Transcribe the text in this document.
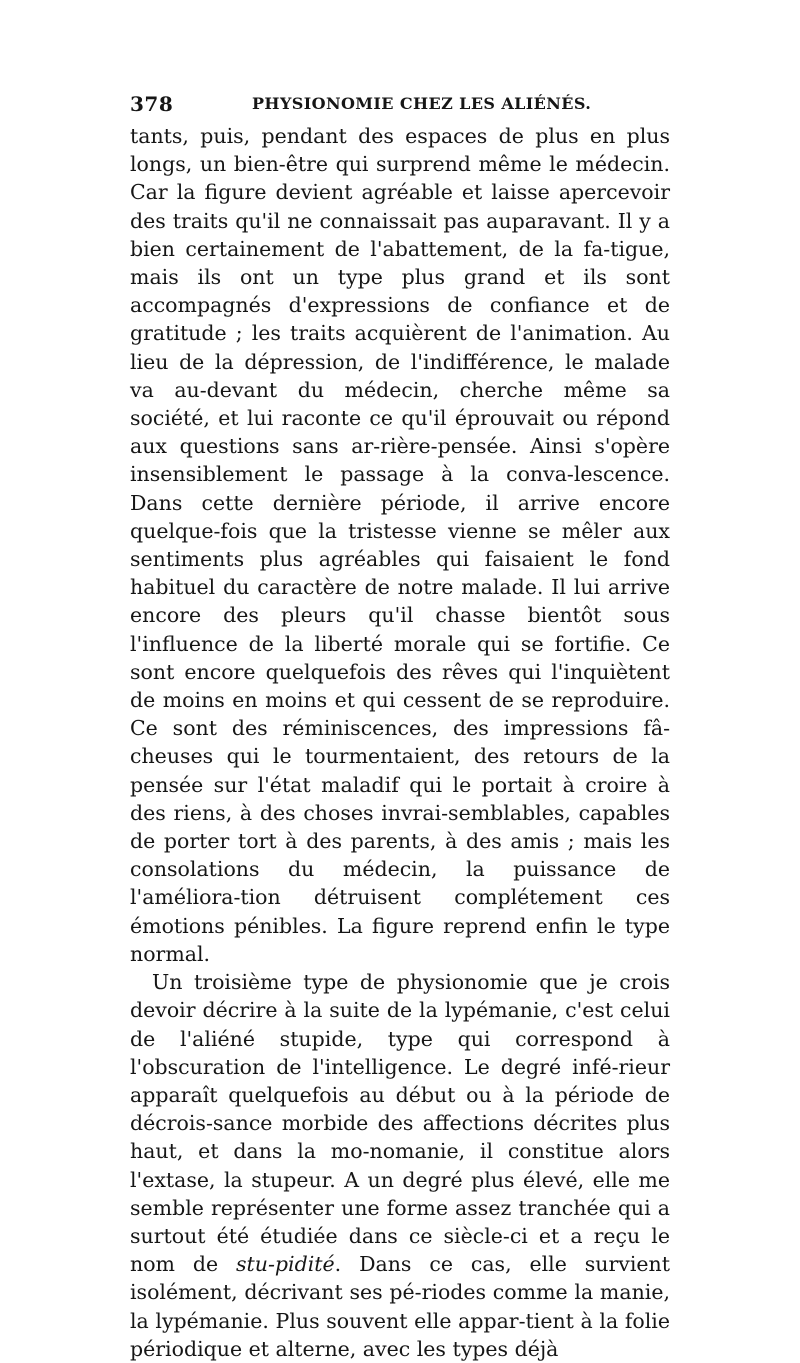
378	PHYSIONOMIE CHEZ LES ALIÉNÉS.

tants, puis, pendant des espaces de plus en plus longs, un bien-être qui surprend même le médecin. Car la figure devient agréable et laisse apercevoir des traits qu'il ne connaissait pas auparavant. Il y a bien certainement de l'abattement, de la fa-tigue, mais ils ont un type plus grand et ils sont accompagnés d'expressions de confiance et de gratitude ; les traits acquièrent de l'animation. Au lieu de la dépression, de l'indifférence, le malade va au-devant du médecin, cherche même sa société, et lui raconte ce qu'il éprouvait ou répond aux questions sans ar-rière-pensée. Ainsi s'opère insensiblement le passage à la conva-lescence. Dans cette dernière période, il arrive encore quelque-fois que la tristesse vienne se mêler aux sentiments plus agréables qui faisaient le fond habituel du caractère de notre malade. Il lui arrive encore des pleurs qu'il chasse bientôt sous l'influence de la liberté morale qui se fortifie. Ce sont encore quelquefois des rêves qui l'inquiètent de moins en moins et qui cessent de se reproduire. Ce sont des réminiscences, des impressions fâ-cheuses qui le tourmentaient, des retours de la pensée sur l'état maladif qui le portait à croire à des riens, à des choses invrai-semblables, capables de porter tort à des parents, à des amis ; mais les consolations du médecin, la puissance de l'améliora-tion détruisent complétement ces émotions pénibles. La figure reprend enfin le type normal.

Un troisième type de physionomie que je crois devoir décrire à la suite de la lypémanie, c'est celui de l'aliéné stupide, type qui correspond à l'obscuration de l'intelligence. Le degré infé-rieur apparaît quelquefois au début ou à la période de décrois-sance morbide des affections décrites plus haut, et dans la mo-nomanie, il constitue alors l'extase, la stupeur. A un degré plus élevé, elle me semble représenter une forme assez tranchée qui a surtout été étudiée dans ce siècle-ci et a reçu le nom de stu-pidité. Dans ce cas, elle survient isolément, décrivant ses pé-riodes comme la manie, la lypémanie. Plus souvent elle appar-tient à la folie périodique et alterne, avec les types déjà
